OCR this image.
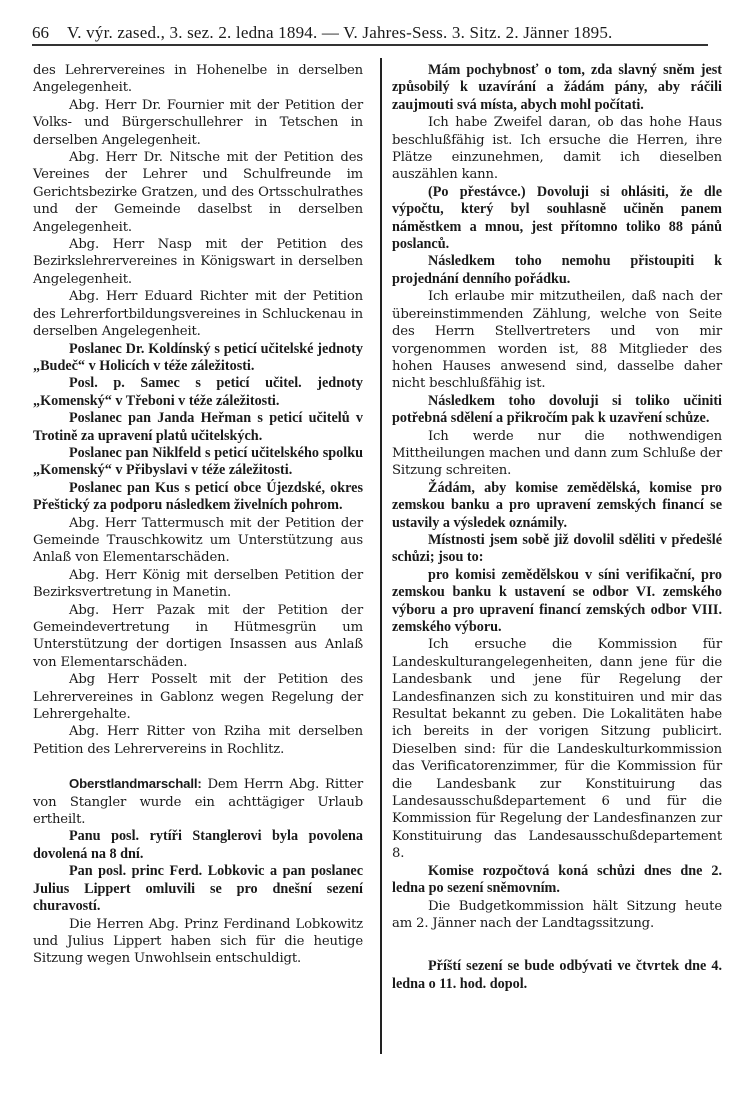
66 V. výr. zased., 3. sez. 2. ledna 1894. — V. Jahres-Sess. 3. Sitz. 2. Jänner 1895.

des Lehrervereines in Hohenelbe in derselben Angelegenheit.

Abg. Herr Dr. Fournier mit der Petition der Volks- und Bürgerschullehrer in Tetschen in derselben Angelegenheit.

Abg. Herr Dr. Nitsche mit der Petition des Vereines der Lehrer und Schulfreunde im Gerichtsbezirke Gratzen, und des Ortsschulrathes und der Gemeinde daselbst in derselben Angelegenheit.

Abg. Herr Nasp mit der Petition des Bezirkslehrervereines in Königswart in derselben Angelegenheit.

Abg. Herr Eduard Richter mit der Petition des Lehrerfortbildungsvereines in Schluckenau in derselben Angelegenheit.

Poslanec Dr. Koldínský s peticí učitelské jednoty „Budeč“ v Holicích v téže záležitosti.

Posl. p. Samec s peticí učitel. jednoty „Komenský“ v Třeboni v téže záležitosti.

Poslanec pan Janda Heřman s peticí učitelů v Trotině za upravení platů učitelských.

Poslanec pan Niklfeld s peticí učitelského spolku „Komenský“ v Přibyslavi v téže záležitosti.

Poslanec pan Kus s peticí obce Újezdské, okres Přeštický za podporu následkem živelních pohrom.

Abg. Herr Tattermusch mit der Petition der Gemeinde Trauschkowitz um Unterstützung aus Anlaß von Elementarschäden.

Abg. Herr König mit derselben Petition der Bezirksvertretung in Manetin.

Abg. Herr Pazak mit der Petition der Gemeindevertretung in Hütmesgrün um Unterstützung der dortigen Insassen aus Anlaß von Elementarschäden.

Abg Herr Posselt mit der Petition des Lehrervereines in Gablonz wegen Regelung der Lehrergehalte.

Abg. Herr Ritter von Rziha mit derselben Petition des Lehrervereins in Rochlitz.

Oberstlandmarschall: Dem Herrn Abg. Ritter von Stangler wurde ein achttägiger Urlaub ertheilt.

Panu posl. rytíři Stanglerovi byla povolena dovolená na 8 dní.

Pan posl. princ Ferd. Lobkovic a pan poslanec Julius Lippert omluvili se pro dnešní sezení churavostí.

Die Herren Abg. Prinz Ferdinand Lobkowitz und Julius Lippert haben sich für die heutige Sitzung wegen Unwohlsein entschuldigt.

Mám pochybnosť o tom, zda slavný sněm jest způsobilý k uzavírání a žádám pány, aby ráčili zaujmouti svá místa, abych mohl počítati.

Ich habe Zweifel daran, ob das hohe Haus beschlußfähig ist. Ich ersuche die Herren, ihre Plätze einzunehmen, damit ich dieselben auszählen kann.

(Po přestávce.) Dovoluji si ohlásiti, že dle výpočtu, který byl souhlasně učiněn panem náměstkem a mnou, jest přítomno toliko 88 pánů poslanců.

Následkem toho nemohu přistoupiti k projednání denního pořádku.

Ich erlaube mir mitzutheilen, daß nach der übereinstimmenden Zählung, welche von Seite des Herrn Stellvertreters und von mir vorgenommen worden ist, 88 Mitglieder des hohen Hauses anwesend sind, dasselbe daher nicht beschlußfähig ist.

Následkem toho dovoluji si toliko učiniti potřebná sdělení a přikročím pak k uzavření schůze.

Ich werde nur die nothwendigen Mittheilungen machen und dann zum Schluße der Sitzung schreiten.

Žádám, aby komise zemědělská, komise pro zemskou banku a pro upravení zemských financí se ustavily a výsledek oznámily.

Místnosti jsem sobě již dovolil sděliti v předešlé schůzi; jsou to:

pro komisi zemědělskou v síni verifikační, pro zemskou banku k ustavení se odbor VI. zemského výboru a pro upravení financí zemských odbor VIII. zemského výboru.

Ich ersuche die Kommission für Landeskulturangelegenheiten, dann jene für die Landesbank und jene für Regelung der Landesfinanzen sich zu konstituiren und mir das Resultat bekannt zu geben. Die Lokalitäten habe ich bereits in der vorigen Sitzung publicirt. Dieselben sind: für die Landeskulturkommission das Verificatorenzimmer, für die Kommission für die Landesbank zur Konstituirung das Landesausschußdepartement 6 und für die Kommission für Regelung der Landesfinanzen zur Konstituirung das Landesausschußdepartement 8.

Komise rozpočtová koná schůzi dnes dne 2. ledna po sezení sněmovním.

Die Budgetkommission hält Sitzung heute am 2. Jänner nach der Landtagssitzung.

Příští sezení se bude odbývati ve čtvrtek dne 4. ledna o 11. hod. dopol.
